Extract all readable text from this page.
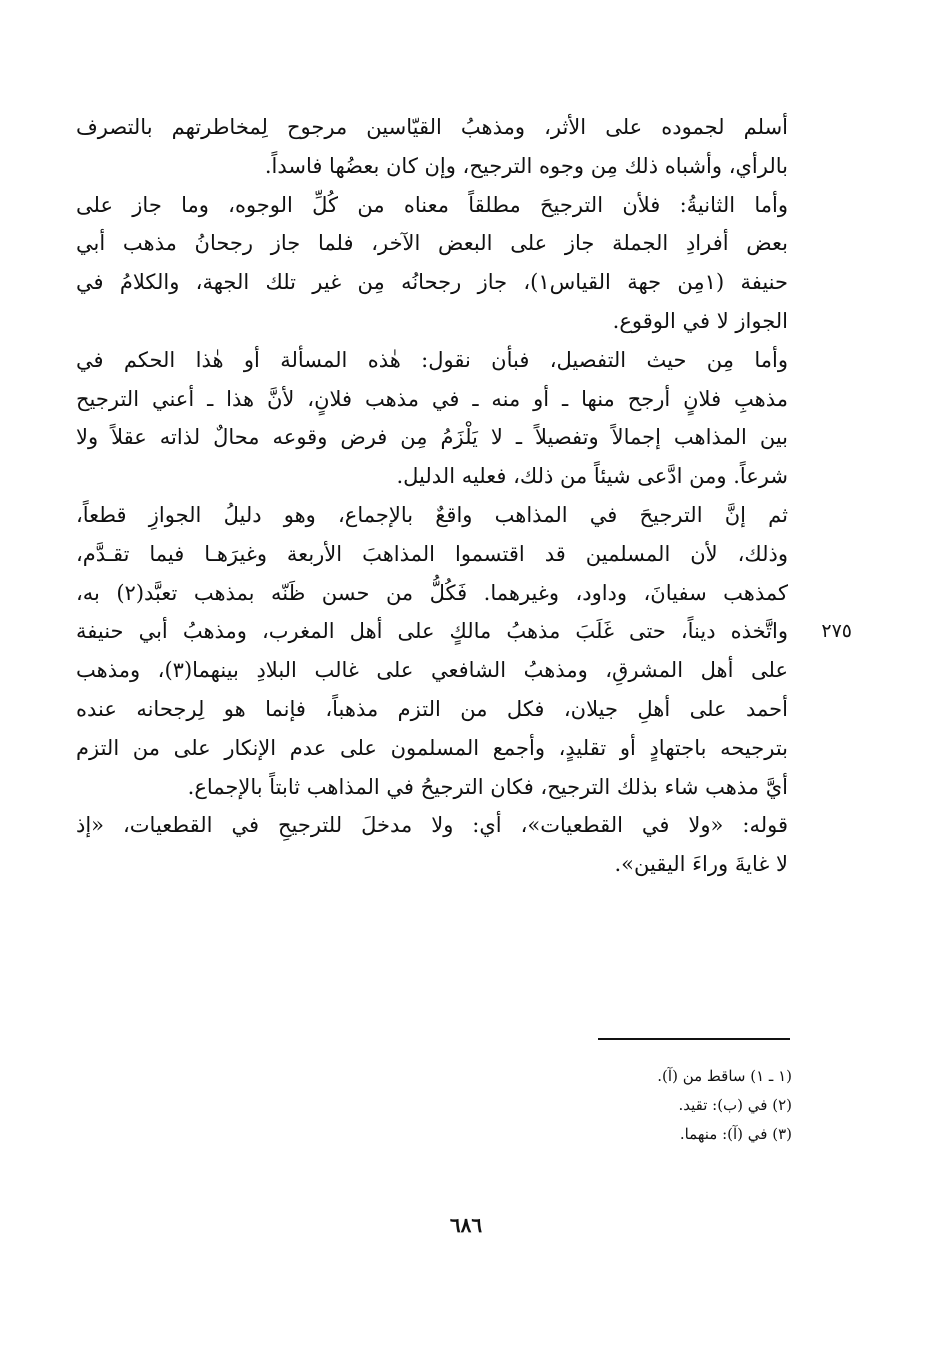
أسلم لجموده على الأثر، ومذهبُ القيّاسين مرجوح لِمخاطرتهم بالتصرف
بالرأي، وأشباه ذلك مِن وجوه الترجيح، وإن كان بعضُها فاسداً.
وأما الثانيةُ: فلأن الترجيحَ مطلقاً معناه من كُلِّ الوجوه، وما جاز على
بعض أفرادِ الجملة جاز على البعض الآخر، فلما جاز رجحانُ مذهب أبي
حنيفة (١مِن جهة القياس١)، جاز رجحانُه مِن غير تلك الجهة، والكلامُ في
الجواز لا في الوقوع.
وأما مِن حيث التفصيل، فبأن نقول: هٰذه المسألة أو هٰذا الحكم في
مذهبِ فلانٍ أرجح منها ـ أو منه ـ في مذهب فلانٍ، لأنَّ هذا ـ أعني الترجيح
بين المذاهب إجمالاً وتفصيلاً ـ لا يَلْزَمُ مِن فرض وقوعه محالٌ لذاته عقلاً ولا
شرعاً. ومن ادَّعى شيئاً من ذلك، فعليه الدليل.
ثم إنَّ الترجيحَ في المذاهب واقعٌ بالإجماع، وهو دليلُ الجوازِ قطعاً،
وذلك، لأن المسلمين قد اقتسموا المذاهبَ الأربعة وغيرَهـا فيما تقـدَّم،
كمذهب سفيانَ، وداود، وغيرهما. فَكُلُّ من حسن ظَنّه بمذهب تعبَّد(٢) به،
واتَّخذه ديناً، حتى غَلَبَ مذهبُ مالكٍ على أهل المغرب، ومذهبُ أبي حنيفة
على أهل المشرقِ، ومذهبُ الشافعي على غالب البلادِ بينهما(٣)، ومذهب
أحمد على أهلِ جيلان، فكل من التزم مذهباً، فإنما هو لِرجحانه عنده
بترجيحه باجتهادٍ أو تقليدٍ، وأجمع المسلمون على عدم الإنكار على من التزم
أيَّ مذهب شاء بذلك الترجيح، فكان الترجيحُ في المذاهب ثابتاً بالإجماع.
قوله: «ولا في القطعيات»، أي: ولا مدخلَ للترجيحِ في القطعيات، «إذ
لا غايةَ وراءَ اليقين».
٢٧٥
(١ ـ ١) ساقط من (آ).
(٢) في (ب): تقيد.
(٣) في (آ): منهما.
٦٨٦
